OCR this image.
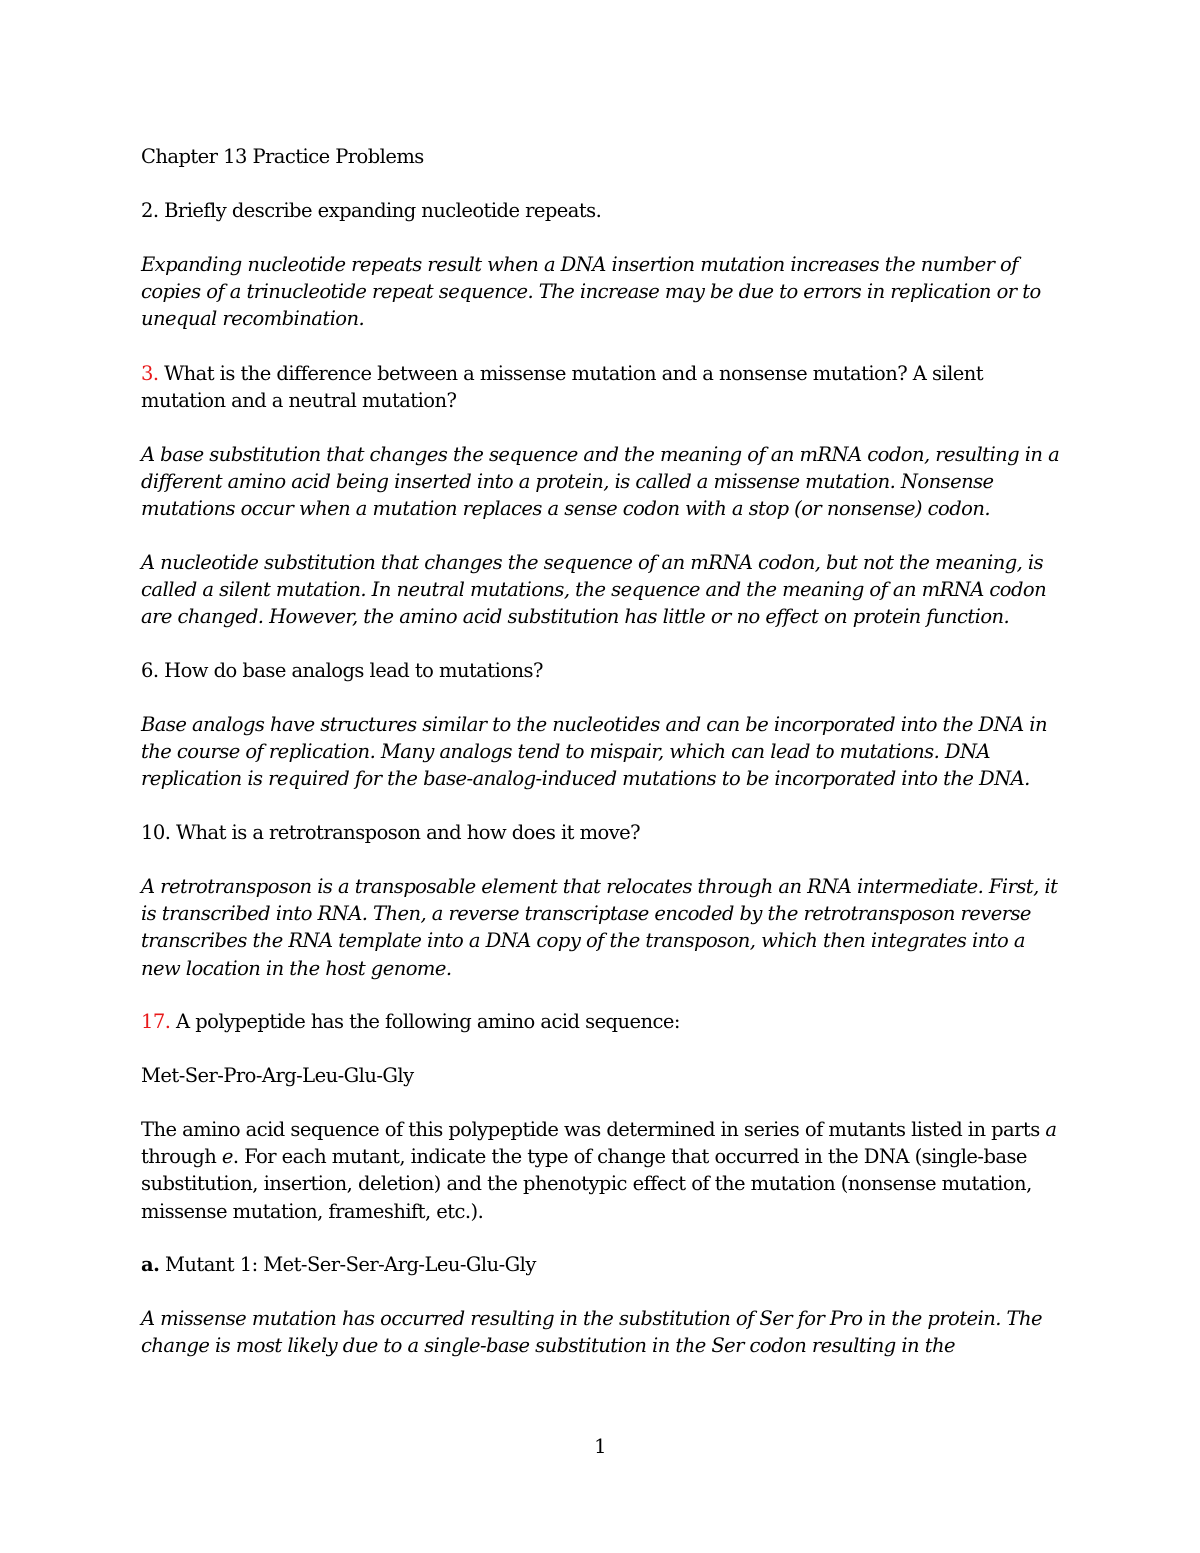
Chapter 13 Practice Problems

2. Briefly describe expanding nucleotide repeats.

Expanding nucleotide repeats result when a DNA insertion mutation increases the number of
copies of a trinucleotide repeat sequence. The increase may be due to errors in replication or to
unequal recombination.

3. What is the difference between a missense mutation and a nonsense mutation? A silent
mutation and a neutral mutation?

A base substitution that changes the sequence and the meaning of an mRNA codon, resulting in a
different amino acid being inserted into a protein, is called a missense mutation. Nonsense
mutations occur when a mutation replaces a sense codon with a stop (or nonsense) codon.

A nucleotide substitution that changes the sequence of an mRNA codon, but not the meaning, is
called a silent mutation. In neutral mutations, the sequence and the meaning of an mRNA codon
are changed. However, the amino acid substitution has little or no effect on protein function.

6. How do base analogs lead to mutations?

Base analogs have structures similar to the nucleotides and can be incorporated into the DNA in
the course of replication. Many analogs tend to mispair, which can lead to mutations. DNA
replication is required for the base-analog-induced mutations to be incorporated into the DNA.

10. What is a retrotransposon and how does it move?

A retrotransposon is a transposable element that relocates through an RNA intermediate. First, it
is transcribed into RNA. Then, a reverse transcriptase encoded by the retrotransposon reverse
transcribes the RNA template into a DNA copy of the transposon, which then integrates into a
new location in the host genome.

17. A polypeptide has the following amino acid sequence:

Met-Ser-Pro-Arg-Leu-Glu-Gly

The amino acid sequence of this polypeptide was determined in series of mutants listed in parts a
through e. For each mutant, indicate the type of change that occurred in the DNA (single-base
substitution, insertion, deletion) and the phenotypic effect of the mutation (nonsense mutation,
missense mutation, frameshift, etc.).

a. Mutant 1: Met-Ser-Ser-Arg-Leu-Glu-Gly

A missense mutation has occurred resulting in the substitution of Ser for Pro in the protein. The
change is most likely due to a single-base substitution in the Ser codon resulting in the

1
